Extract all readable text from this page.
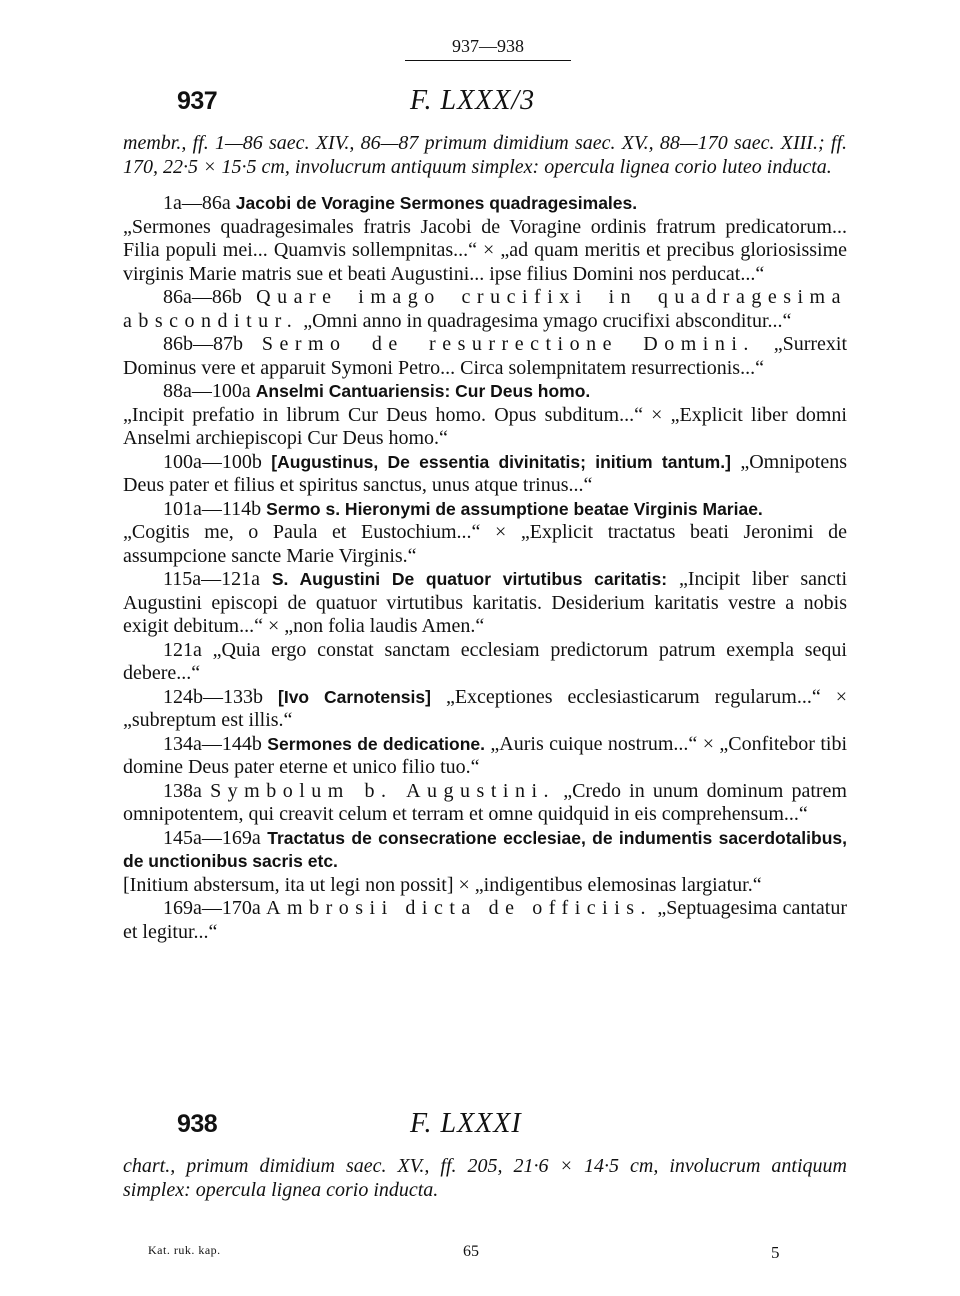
937—938
937	F. LXXX/3
membr., ff. 1—86 saec. XIV., 86—87 primum dimidium saec. XV., 88—170 saec. XIII.; ff. 170, 22·5 × 15·5 cm, involucrum antiquum simplex: opercula lignea corio luteo inducta.
1a—86a Jacobi de Voragine Sermones quadragesimales.
„Sermones quadragesimales fratris Jacobi de Voragine ordinis fratrum predicatorum... Filia populi mei... Quamvis sollempnitas...“ × „ad quam meritis et precibus gloriosissime virginis Marie matris sue et beati Augustini... ipse filius Domini nos perducat...“
86a—86b Quare imago crucifixi in quadragesima absconditur. „Omni anno in quadragesima ymago crucifixi absconditur...“
86b—87b Sermo de resurrectione Domini. „Surrexit Dominus vere et apparuit Symoni Petro... Circa solempnitatem resurrectionis...“
88a—100a Anselmi Cantuariensis: Cur Deus homo.
„Incipit prefatio in librum Cur Deus homo. Opus subditum...“ × „Explicit liber domni Anselmi archiepiscopi Cur Deus homo.“
100a—100b [Augustinus, De essentia divinitatis; initium tantum.] „Omnipotens Deus pater et filius et spiritus sanctus, unus atque trinus...“
101a—114b Sermo s. Hieronymi de assumptione beatae Virginis Mariae.
„Cogitis me, o Paula et Eustochium...“ × „Explicit tractatus beati Jeronimi de assumpcione sancte Marie Virginis.“
115a—121a S. Augustini De quatuor virtutibus caritatis: „Incipit liber sancti Augustini episcopi de quatuor virtutibus karitatis. Desiderium karitatis vestre a nobis exigit debitum...“ × „non folia laudis Amen.“
121a „Quia ergo constat sanctam ecclesiam predictorum patrum exempla sequi debere...“
124b—133b [Ivo Carnotensis] „Exceptiones ecclesiasticarum regularum...“ × „subreptum est illis.“
134a—144b Sermones de dedicatione. „Auris cuique nostrum...“ × „Confitebor tibi domine Deus pater eterne et unico filio tuo.“
138a Symbolum b. Augustini. „Credo in unum dominum patrem omnipotentem, qui creavit celum et terram et omne quidquid in eis comprehensum...“
145a—169a Tractatus de consecratione ecclesiae, de indumentis sacerdotalibus, de unctionibus sacris etc.
[Initium abstersum, ita ut legi non possit] × „indigentibus elemosinas largiatur.“
169a—170a Ambrosii dicta de officiis. „Septuagesima cantatur et legitur...“
938	F. LXXXI
chart., primum dimidium saec. XV., ff. 205, 21·6 × 14·5 cm, involucrum antiquum simplex: opercula lignea corio inducta.
Kat. ruk. kap.	65	5
